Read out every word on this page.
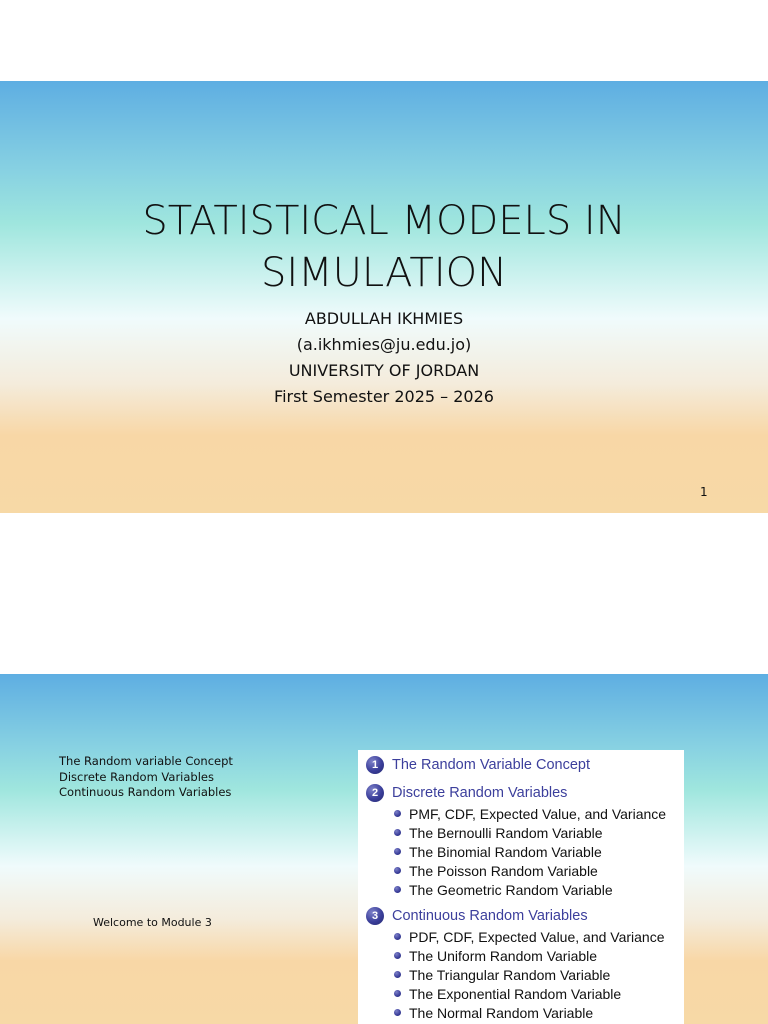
STATISTICAL MODELS IN
SIMULATION
ABDULLAH IKHMIES
(a.ikhmies@ju.edu.jo)
UNIVERSITY OF JORDAN
First Semester 2025 – 2026
1
The Random variable Concept
Discrete Random Variables
Continuous Random Variables
Welcome to Module 3
1 The Random Variable Concept
2 Discrete Random Variables
PMF, CDF, Expected Value, and Variance
The Bernoulli Random Variable
The Binomial Random Variable
The Poisson Random Variable
The Geometric Random Variable
3 Continuous Random Variables
PDF, CDF, Expected Value, and Variance
The Uniform Random Variable
The Triangular Random Variable
The Exponential Random Variable
The Normal Random Variable
